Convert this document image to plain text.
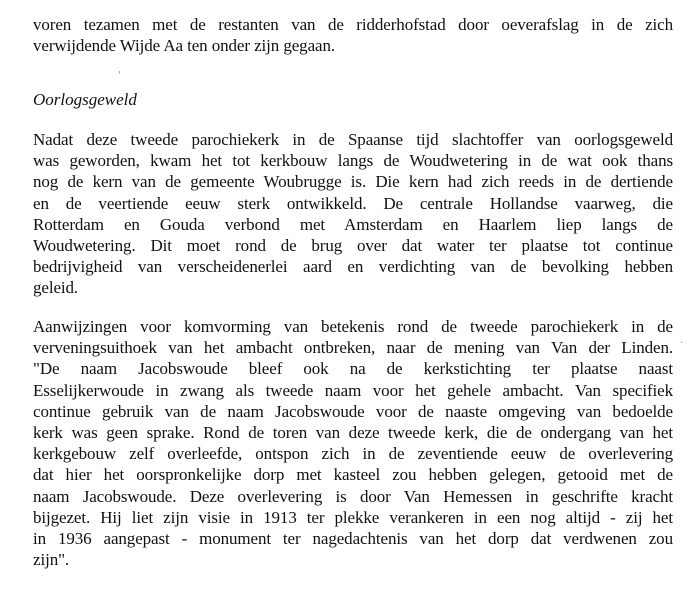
voren tezamen met de restanten van de ridderhofstad door oeverafslag in de zich
verwijdende Wijde Aa ten onder zijn gegaan.
Oorlogsgeweld
Nadat deze tweede parochiekerk in de Spaanse tijd slachtoffer van oorlogsgeweld
was geworden, kwam het tot kerkbouw langs de Woudwetering in de wat ook thans
nog de kern van de gemeente Woubrugge is. Die kern had zich reeds in de dertiende
en de veertiende eeuw sterk ontwikkeld. De centrale Hollandse vaarweg, die
Rotterdam en Gouda verbond met Amsterdam en Haarlem liep langs de
Woudwetering. Dit moet rond de brug over dat water ter plaatse tot continue
bedrijvigheid van verscheidenerlei aard en verdichting van de bevolking hebben
geleid.
Aanwijzingen voor komvorming van betekenis rond de tweede parochiekerk in de
verveningsuithoek van het ambacht ontbreken, naar de mening van Van der Linden.
"De naam Jacobswoude bleef ook na de kerkstichting ter plaatse naast
Esselijkerwoude in zwang als tweede naam voor het gehele ambacht. Van specifiek
continue gebruik van de naam Jacobswoude voor de naaste omgeving van bedoelde
kerk was geen sprake. Rond de toren van deze tweede kerk, die de ondergang van het
kerkgebouw zelf overleefde, ontspon zich in de zeventiende eeuw de overlevering
dat hier het oorspronkelijke dorp met kasteel zou hebben gelegen, getooid met de
naam Jacobswoude. Deze overlevering is door Van Hemessen in geschrifte kracht
bijgezet. Hij liet zijn visie in 1913 ter plekke verankeren in een nog altijd - zij het
in 1936 aangepast - monument ter nagedachtenis van het dorp dat verdwenen zou
zijn".
'
·
